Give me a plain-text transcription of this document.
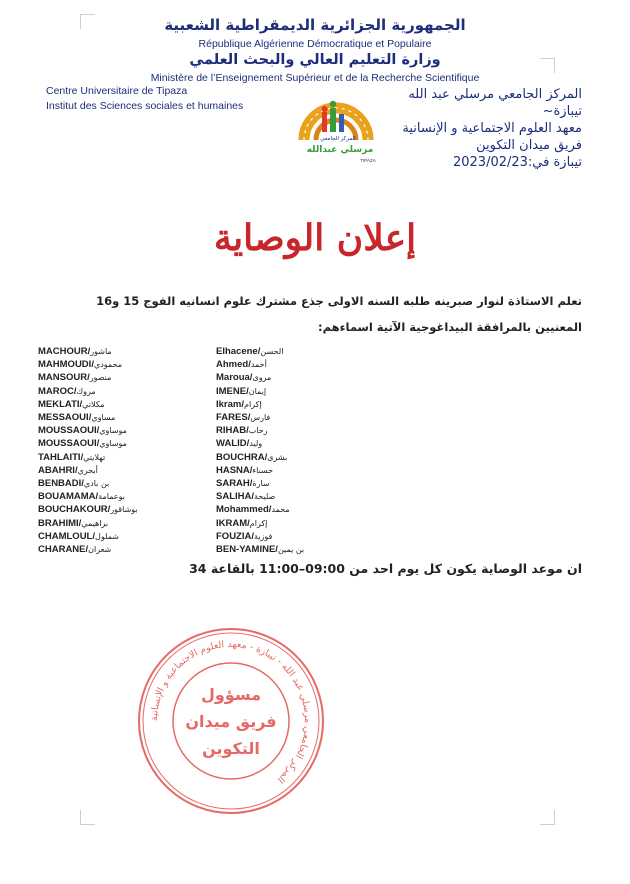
الجمهورية الجزائرية الديمقراطية الشعبية

République Algérienne Démocratique et Populaire

وزارة التعليم العالي والبحث العلمي

Ministère de l’Enseignement Supérieur et de la Recherche Scientifique

Centre Universitaire de Tipaza
Institut des Sciences sociales et humaines
المركز الجامعي مرسلي عبد الله
تيبازة~
معهد العلوم الاجتماعية و الإنسانية
فريق ميدان التكوين
تيبازة في:2023/02/23
المركز الجامعي
مرسلي عبدالله
TIPAZA
إعلان الوصاية

تعلم الاستاذة لنوار صبرينه طلبه السنه الاولى جذع مشترك علوم انسانيه الفوج 15 و16

المعنيين بالمرافقة البيداغوجية الآتية اسماءهم:

MACHOUR/ماشور
MAHMOUDI/محمودي
MANSOUR/منصور
MAROC/مروك
MEKLATI/مكلاتي
MESSAOUI/مساوي
MOUSSAOUI/موساوي
MOUSSAOUI/موساوي
TAHLAITI/تهلايتي
ABAHRI/أبحري
BENBADI/بن بادي
BOUAMAMA/بوعمامة
BOUCHAKOUR/بوشاقور
BRAHIMI/براهيمي
CHAMLOUL/شملول
CHARANE/شعران
Elhacene/الحسن
Ahmed/أحمد
Maroua/مروى
IMENE/إيمان
Ikram/إكرام
FARES/فارس
RIHAB/رحاب
WALID/وليد
BOUCHRA/بشرى
HASNA/حسناء
SARAH/سارة
SALIHA/صليحة
Mohammed/محمد
IKRAM/إكرام
FOUZIA/فوزية
BEN-YAMINE/بن يمين

ان موعد الوصاية يكون كل يوم احد من 09:00–11:00 بالقاعة 34

المركز الجامعي مرسلي عبد الله - تيبازة - معهد العلوم الاجتماعية و الإنسانية
مسؤول
فريق ميدان
التكوين
